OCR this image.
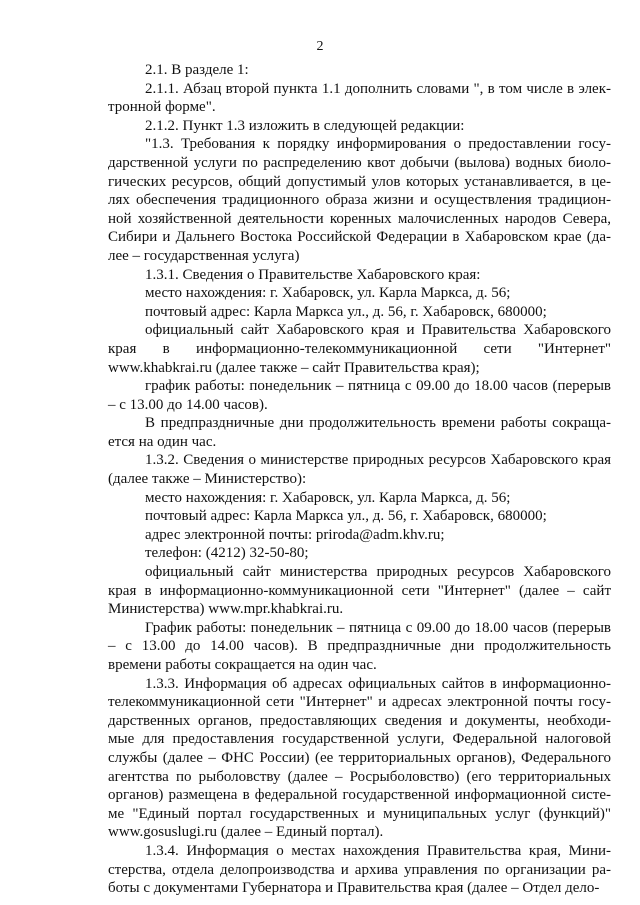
2

2.1. В разделе 1:

2.1.1. Абзац второй пункта 1.1 дополнить словами ", в том числе в элек-тронной форме".

2.1.2. Пункт 1.3 изложить в следующей редакции:

"1.3. Требования к порядку информирования о предоставлении госу-дарственной услуги по распределению квот добычи (вылова) водных биоло-гических ресурсов, общий допустимый улов которых устанавливается, в це-лях обеспечения традиционного образа жизни и осуществления традицион-ной хозяйственной деятельности коренных малочисленных народов Севера, Сибири и Дальнего Востока Российской Федерации в Хабаровском крае (да-лее – государственная услуга)

1.3.1. Сведения о Правительстве Хабаровского края:

место нахождения: г. Хабаровск, ул. Карла Маркса, д. 56;

почтовый адрес: Карла Маркса ул., д. 56, г. Хабаровск, 680000;

официальный сайт Хабаровского края и Правительства Хабаровского края в информационно-телекоммуникационной сети "Интернет" www.khabkrai.ru (далее также – сайт Правительства края);

график работы: понедельник – пятница с 09.00 до 18.00 часов (перерыв – с 13.00 до 14.00 часов).

В предпраздничные дни продолжительность времени работы сокраща-ется на один час.

1.3.2. Сведения о министерстве природных ресурсов Хабаровского края (далее также – Министерство):

место нахождения: г. Хабаровск, ул. Карла Маркса, д. 56;

почтовый адрес: Карла Маркса ул., д. 56, г. Хабаровск, 680000;

адрес электронной почты: priroda@adm.khv.ru;

телефон: (4212) 32-50-80;

официальный сайт министерства природных ресурсов Хабаровского края в информационно-коммуникационной сети "Интернет" (далее – сайт Министерства) www.mpr.khabkrai.ru.

График работы: понедельник – пятница с 09.00 до 18.00 часов (перерыв – с 13.00 до 14.00 часов). В предпраздничные дни продолжительность времени работы сокращается на один час.

1.3.3. Информация об адресах официальных сайтов в информационно-телекоммуникационной сети "Интернет" и адресах электронной почты госу-дарственных органов, предоставляющих сведения и документы, необходи-мые для предоставления государственной услуги, Федеральной налоговой службы (далее – ФНС России) (ее территориальных органов), Федерального агентства по рыболовству (далее – Росрыболовство) (его территориальных органов) размещена в федеральной государственной информационной систе-ме "Единый портал государственных и муниципальных услуг (функций)" www.gosuslugi.ru (далее – Единый портал).

1.3.4. Информация о местах нахождения Правительства края, Мини-стерства, отдела делопроизводства и архива управления по организации ра-боты с документами Губернатора и Правительства края (далее – Отдел дело-
